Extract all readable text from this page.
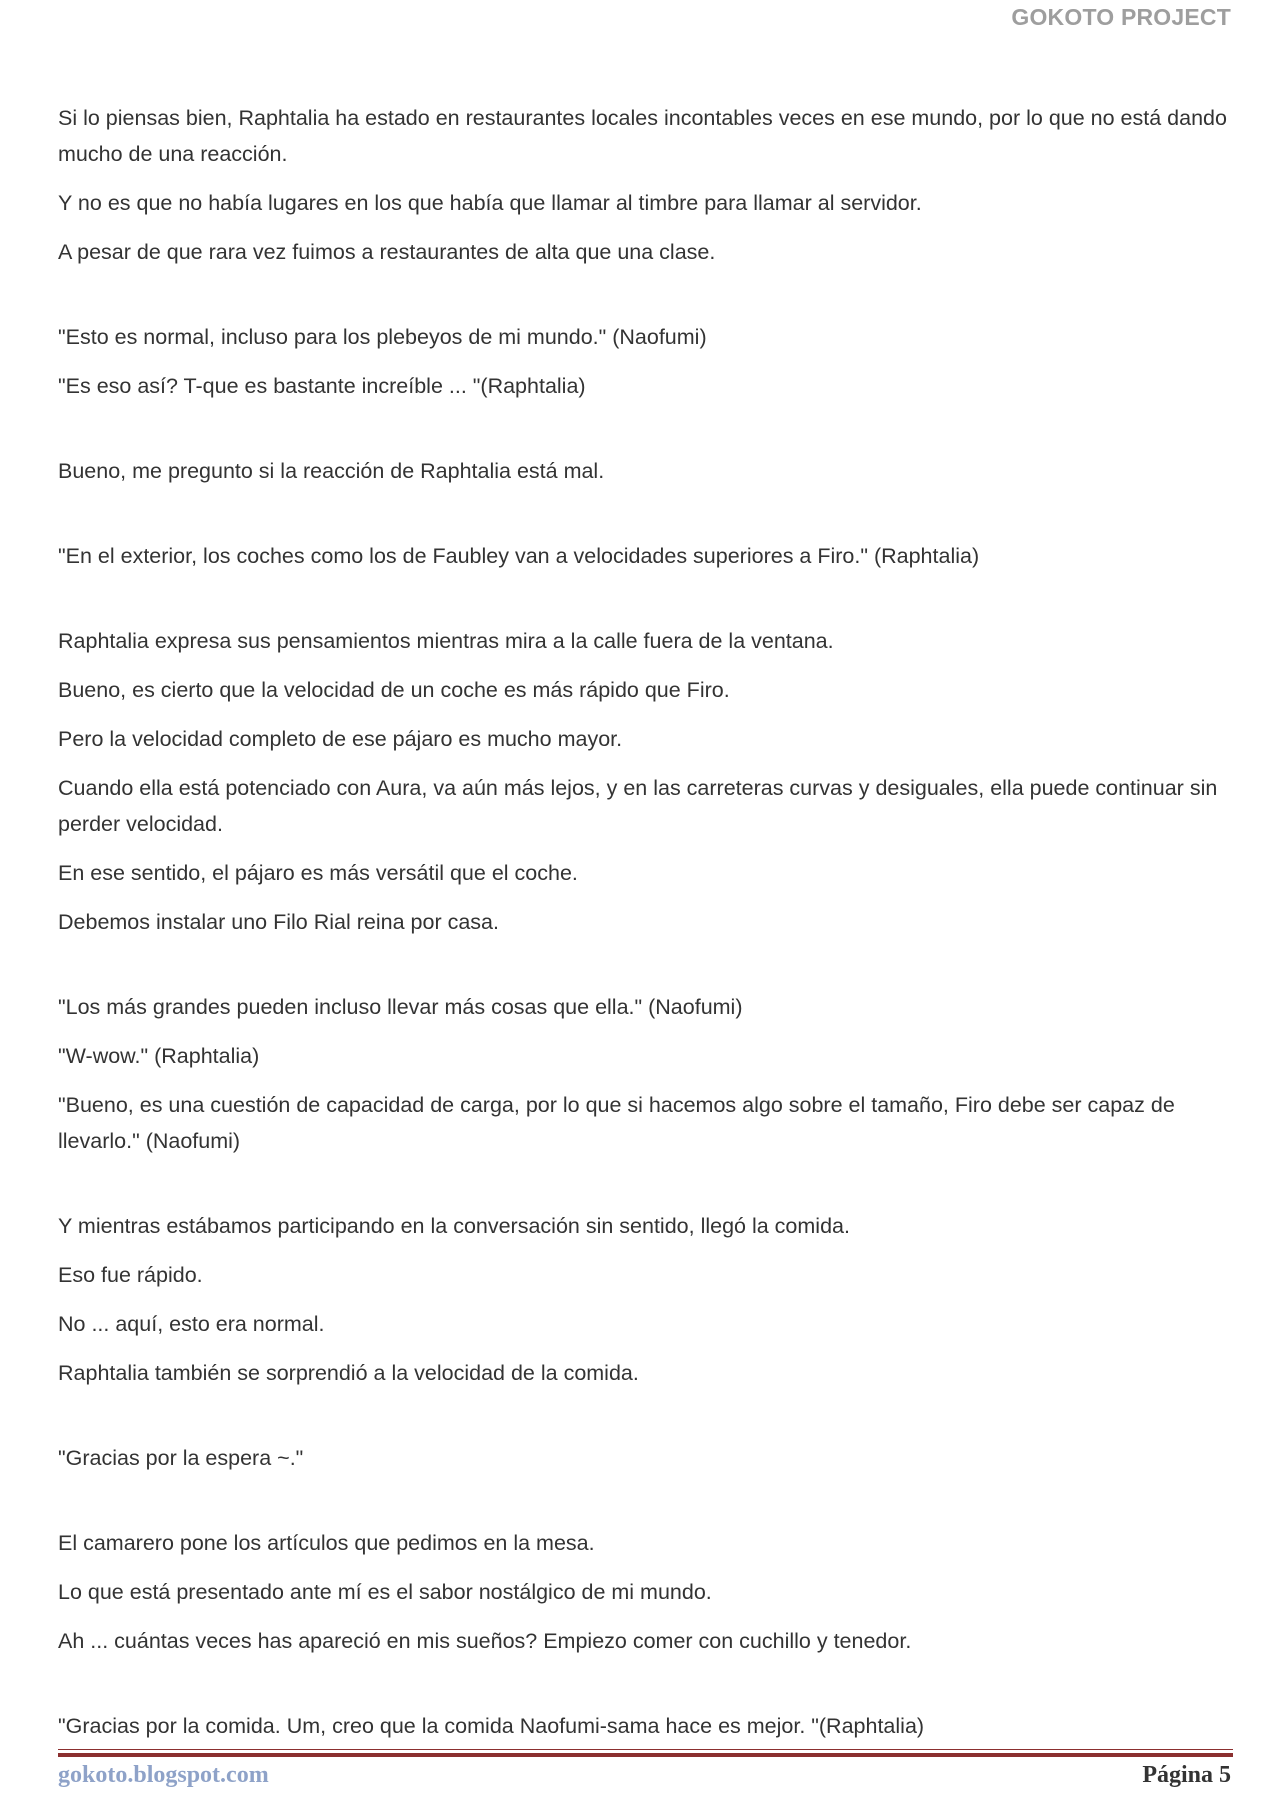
GOKOTO PROJECT

Si lo piensas bien, Raphtalia ha estado en restaurantes locales incontables veces en ese mundo, por lo que no está dando mucho de una reacción.

Y no es que no había lugares en los que había que llamar al timbre para llamar al servidor.

A pesar de que rara vez fuimos a restaurantes de alta que una clase.

"Esto es normal, incluso para los plebeyos de mi mundo." (Naofumi)

"Es eso así? T-que es bastante increíble ... "(Raphtalia)

Bueno, me pregunto si la reacción de Raphtalia está mal.

"En el exterior, los coches como los de Faubley van a velocidades superiores a Firo." (Raphtalia)

Raphtalia expresa sus pensamientos mientras mira a la calle fuera de la ventana.

Bueno, es cierto que la velocidad de un coche es más rápido que Firo.

Pero la velocidad completo de ese pájaro es mucho mayor.

Cuando ella está potenciado con Aura, va aún más lejos, y en las carreteras curvas y desiguales, ella puede continuar sin perder velocidad.

En ese sentido, el pájaro es más versátil que el coche.

Debemos instalar uno Filo Rial reina por casa.

"Los más grandes pueden incluso llevar más cosas que ella." (Naofumi)

"W-wow." (Raphtalia)

"Bueno, es una cuestión de capacidad de carga, por lo que si hacemos algo sobre el tamaño, Firo debe ser capaz de llevarlo." (Naofumi)

Y mientras estábamos participando en la conversación sin sentido, llegó la comida.

Eso fue rápido.

No ... aquí, esto era normal.

Raphtalia también se sorprendió a la velocidad de la comida.

"Gracias por la espera ~."

El camarero pone los artículos que pedimos en la mesa.

Lo que está presentado ante mí es el sabor nostálgico de mi mundo.

Ah ... cuántas veces has apareció en mis sueños? Empiezo comer con cuchillo y tenedor.

"Gracias por la comida. Um, creo que la comida Naofumi-sama hace es mejor. "(Raphtalia)

gokoto.blogspot.com	Página 5
